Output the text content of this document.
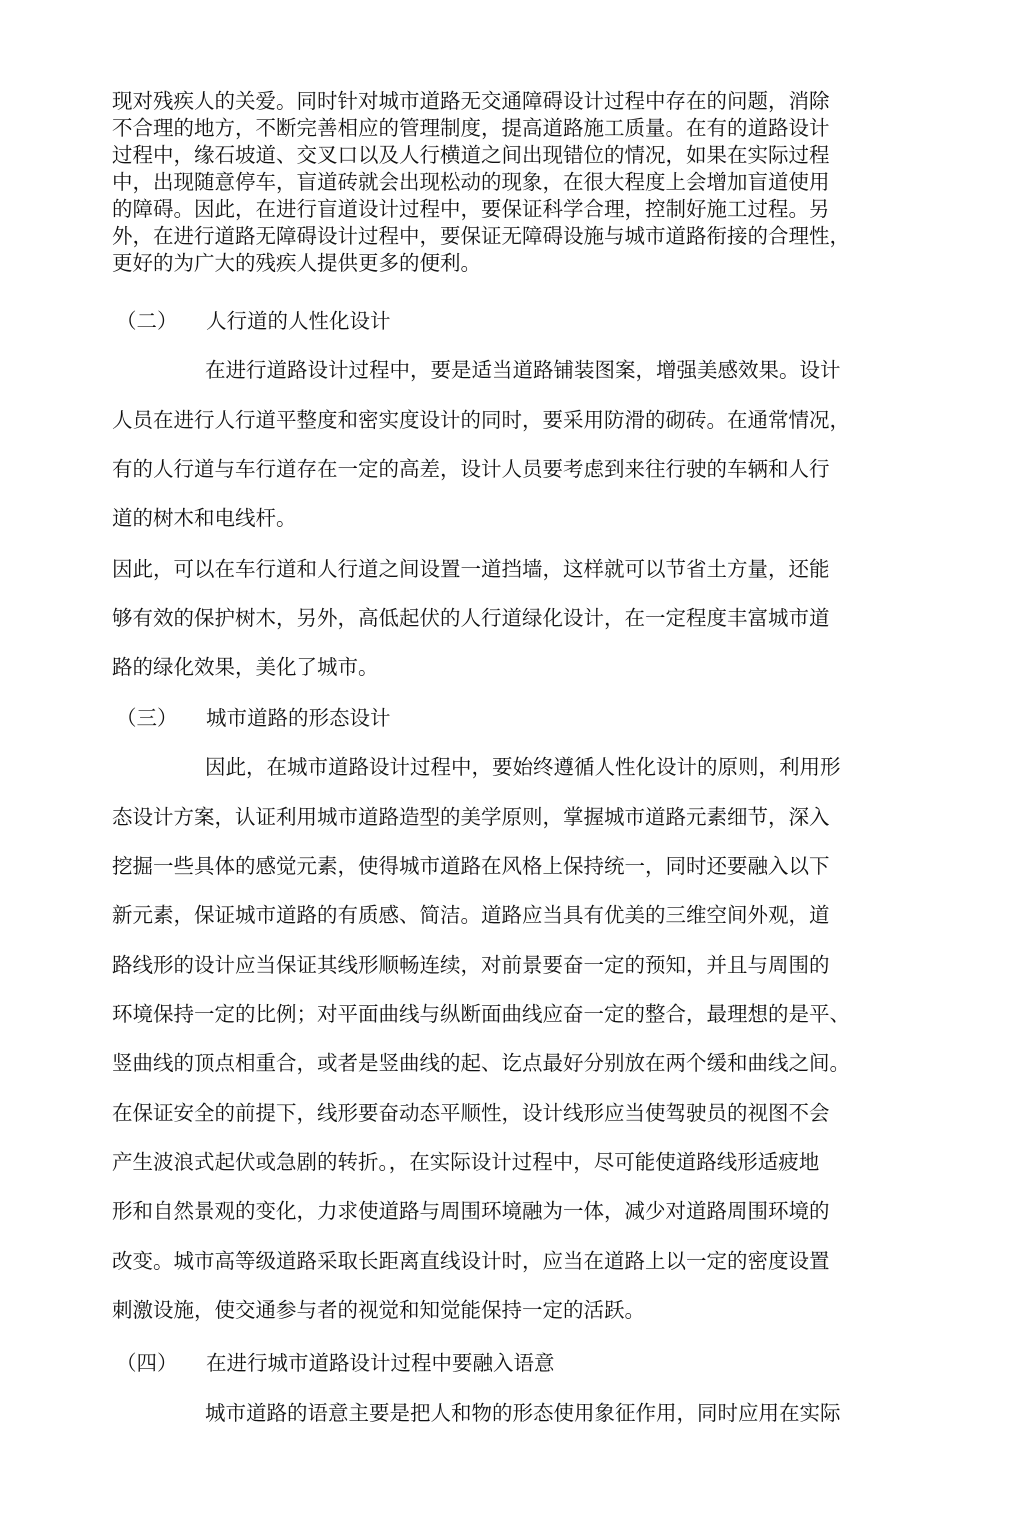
现对残疾人的关爱。同时针对城市道路无交通障碍设计过程中存在的问题，消除
不合理的地方，不断完善相应的管理制度，提高道路施工质量。在有的道路设计
过程中，缘石坡道、交叉口以及人行横道之间出现错位的情况，如果在实际过程
中，出现随意停车，盲道砖就会出现松动的现象，在很大程度上会增加盲道使用
的障碍。因此，在进行盲道设计过程中，要保证科学合理，控制好施工过程。另
外，在进行道路无障碍设计过程中，要保证无障碍设施与城市道路衔接的合理性，
更好的为广大的残疾人提供更多的便利。
（二） 人行道的人性化设计
在进行道路设计过程中，要是适当道路铺装图案，增强美感效果。设计
人员在进行人行道平整度和密实度设计的同时，要采用防滑的砌砖。在通常情况，
有的人行道与车行道存在一定的高差，设计人员要考虑到来往行驶的车辆和人行
道的树木和电线杆。
因此，可以在车行道和人行道之间设置一道挡墙，这样就可以节省土方量，还能
够有效的保护树木，另外，高低起伏的人行道绿化设计，在一定程度丰富城市道
路的绿化效果，美化了城市。
（三） 城市道路的形态设计
因此，在城市道路设计过程中，要始终遵循人性化设计的原则，利用形
态设计方案，认证利用城市道路造型的美学原则，掌握城市道路元素细节，深入
挖掘一些具体的感觉元素，使得城市道路在风格上保持统一，同时还要融入以下
新元素，保证城市道路的有质感、简洁。道路应当具有优美的三维空间外观，道
路线形的设计应当保证其线形顺畅连续，对前景要奋一定的预知，并且与周围的
环境保持一定的比例；对平面曲线与纵断面曲线应奋一定的整合，最理想的是平、
竖曲线的顶点相重合，或者是竖曲线的起、讫点最好分别放在两个缓和曲线之间。
在保证安全的前提下，线形要奋动态平顺性，设计线形应当使驾驶员的视图不会
产生波浪式起伏或急剧的转折。，在实际设计过程中，尽可能使道路线形适疲地
形和自然景观的变化，力求使道路与周围环境融为一体，减少对道路周围环境的
改变。城市高等级道路采取长距离直线设计时，应当在道路上以一定的密度设置
刺激设施，使交通参与者的视觉和知觉能保持一定的活跃。
（四） 在进行城市道路设计过程中要融入语意
城市道路的语意主要是把人和物的形态使用象征作用，同时应用在实际
